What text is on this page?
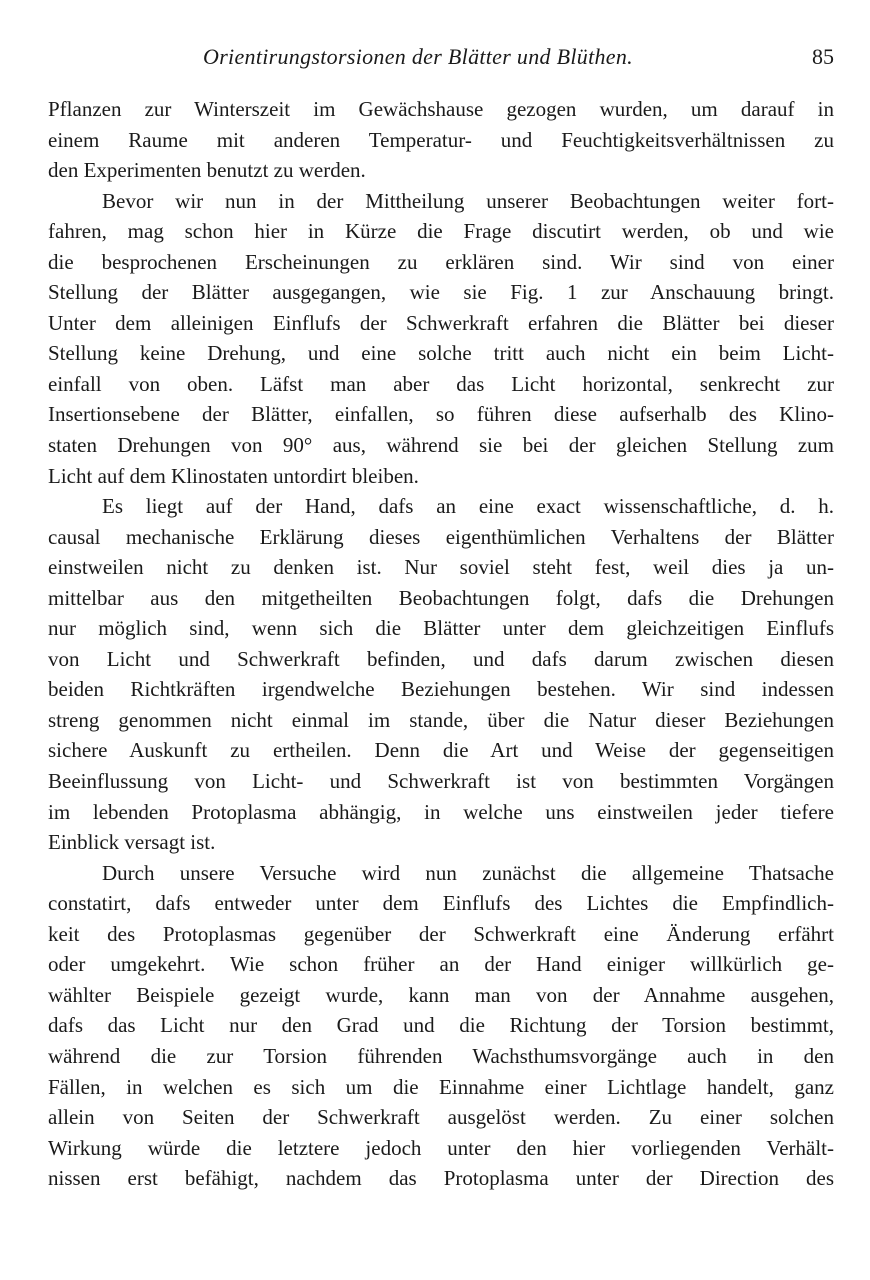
Orientirungstorsionen der Blätter und Blüthen.	85
Pflanzen zur Winterszeit im Gewächshause gezogen wurden, um darauf in
einem Raume mit anderen Temperatur- und Feuchtigkeitsverhältnissen zu
den Experimenten benutzt zu werden.
Bevor wir nun in der Mittheilung unserer Beobachtungen weiter fort-
fahren, mag schon hier in Kürze die Frage discutirt werden, ob und wie
die besprochenen Erscheinungen zu erklären sind. Wir sind von einer
Stellung der Blätter ausgegangen, wie sie Fig. 1 zur Anschauung bringt.
Unter dem alleinigen Einflufs der Schwerkraft erfahren die Blätter bei dieser
Stellung keine Drehung, und eine solche tritt auch nicht ein beim Licht-
einfall von oben. Läfst man aber das Licht horizontal, senkrecht zur
Insertionsebene der Blätter, einfallen, so führen diese aufserhalb des Klino-
staten Drehungen von 90° aus, während sie bei der gleichen Stellung zum
Licht auf dem Klinostaten untordirt bleiben.
Es liegt auf der Hand, dafs an eine exact wissenschaftliche, d. h.
causal mechanische Erklärung dieses eigenthümlichen Verhaltens der Blätter
einstweilen nicht zu denken ist. Nur soviel steht fest, weil dies ja un-
mittelbar aus den mitgetheilten Beobachtungen folgt, dafs die Drehungen
nur möglich sind, wenn sich die Blätter unter dem gleichzeitigen Einflufs
von Licht und Schwerkraft befinden, und dafs darum zwischen diesen
beiden Richtkräften irgendwelche Beziehungen bestehen. Wir sind indessen
streng genommen nicht einmal im stande, über die Natur dieser Beziehungen
sichere Auskunft zu ertheilen. Denn die Art und Weise der gegenseitigen
Beeinflussung von Licht- und Schwerkraft ist von bestimmten Vorgängen
im lebenden Protoplasma abhängig, in welche uns einstweilen jeder tiefere
Einblick versagt ist.
Durch unsere Versuche wird nun zunächst die allgemeine Thatsache
constatirt, dafs entweder unter dem Einflufs des Lichtes die Empfindlich-
keit des Protoplasmas gegenüber der Schwerkraft eine Änderung erfährt
oder umgekehrt. Wie schon früher an der Hand einiger willkürlich ge-
wählter Beispiele gezeigt wurde, kann man von der Annahme ausgehen,
dafs das Licht nur den Grad und die Richtung der Torsion bestimmt,
während die zur Torsion führenden Wachsthumsvorgänge auch in den
Fällen, in welchen es sich um die Einnahme einer Lichtlage handelt, ganz
allein von Seiten der Schwerkraft ausgelöst werden. Zu einer solchen
Wirkung würde die letztere jedoch unter den hier vorliegenden Verhält-
nissen erst befähigt, nachdem das Protoplasma unter der Direction des
